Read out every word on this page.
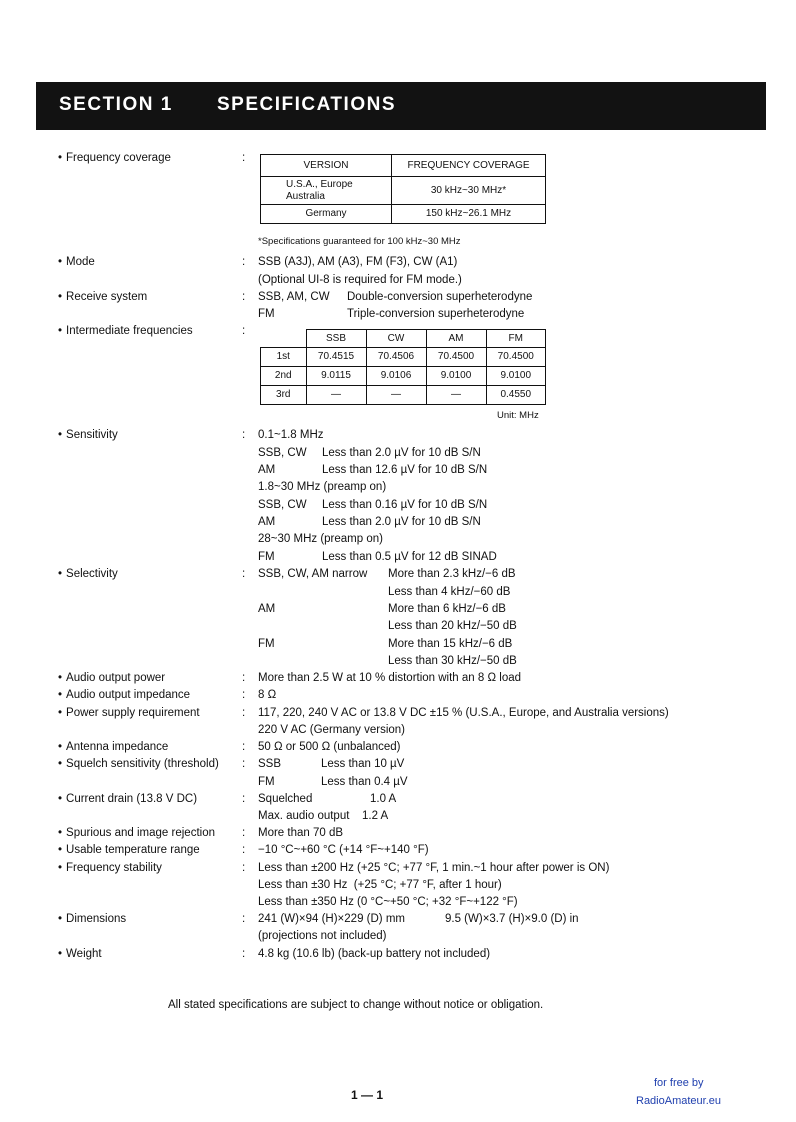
SECTION 1 SPECIFICATIONS
• Frequency coverage	:
VERSION	FREQUENCY COVERAGE

U.S.A., Europe
Australia	30 kHz~30 MHz*
Germany	150 kHz~26.1 MHz
*Specifications guaranteed for 100 kHz~30 MHz
• Mode	: SSB (A3J), AM (A3), FM (F3), CW (A1)
(Optional UI-8 is required for FM mode.)
• Receive system	: SSB, AM, CW Double-conversion superheterodyne
FM	Triple-conversion superheterodyne
• Intermediate frequencies	:
	SSB	CW	AM	FM
1st	70.4515	70.4506	70.4500	70.4500
2nd	9.0115	9.0106	9.0100	9.0100
3rd	—	—	—	0.4550
Unit: MHz
• Sensitivity	: 0.1~1.8 MHz
SSB, CW Less than 2.0 µV for 10 dB S/N
AM	Less than 12.6 µV for 10 dB S/N
1.8~30 MHz (preamp on)
SSB, CW Less than 0.16 µV for 10 dB S/N
AM	Less than 2.0 µV for 10 dB S/N
28~30 MHz (preamp on)
FM	Less than 0.5 µV for 12 dB SINAD
• Selectivity	: SSB, CW, AM narrow More than 2.3 kHz/−6 dB
Less than 4 kHz/−60 dB
AM	More than 6 kHz/−6 dB
Less than 20 kHz/−50 dB
FM	More than 15 kHz/−6 dB
Less than 30 kHz/−50 dB
• Audio output power	: More than 2.5 W at 10 % distortion with an 8 Ω load
• Audio output impedance	: 8 Ω
• Power supply requirement	: 117, 220, 240 V AC or 13.8 V DC ±15 % (U.S.A., Europe, and Australia versions)
220 V AC (Germany version)
• Antenna impedance	: 50 Ω or 500 Ω (unbalanced)
• Squelch sensitivity (threshold) : SSB	Less than 10 µV
FM	Less than 0.4 µV
• Current drain (13.8 V DC)	: Squelched	1.0 A
Max. audio output 1.2 A
• Spurious and image rejection : More than 70 dB
• Usable temperature range	: −10 °C~+60 °C (+14 °F~+140 °F)
• Frequency stability	: Less than ±200 Hz (+25 °C; +77 °F, 1 min.~1 hour after power is ON)
Less than ±30 Hz  (+25 °C; +77 °F, after 1 hour)
Less than ±350 Hz (0 °C~+50 °C; +32 °F~+122 °F)
• Dimensions	: 241 (W)×94 (H)×229 (D) mm	9.5 (W)×3.7 (H)×9.0 (D) in
(projections not included)
• Weight	: 4.8 kg (10.6 lb) (back-up battery not included)
All stated specifications are subject to change without notice or obligation.
1 — 1
for free by
RadioAmateur.eu
